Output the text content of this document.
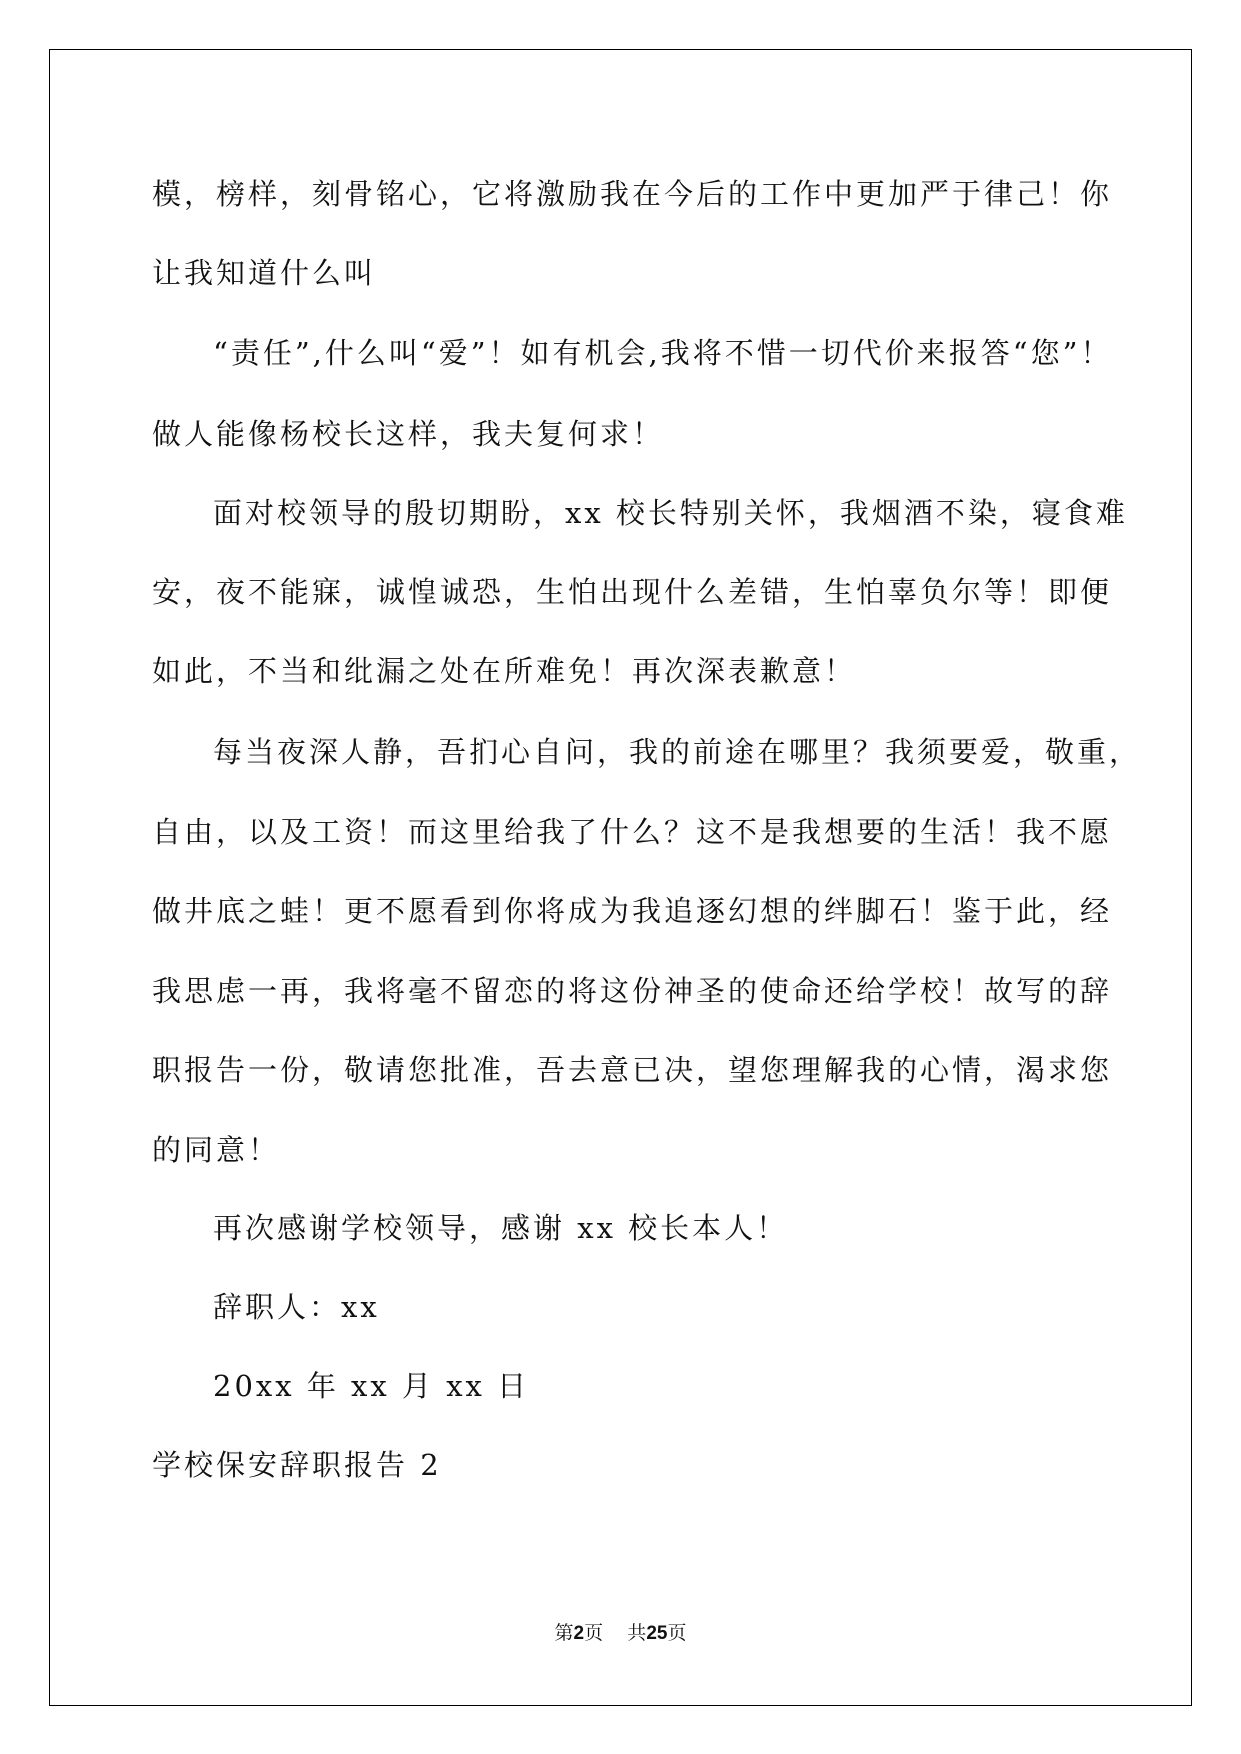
模，榜样，刻骨铭心，它将激励我在今后的工作中更加严于律己！你
让我知道什么叫
“责任”,什么叫“爱”！如有机会,我将不惜一切代价来报答“您”！
做人能像杨校长这样，我夫复何求！
面对校领导的殷切期盼，xx 校长特别关怀，我烟酒不染，寝食难
安，夜不能寐，诚惶诚恐，生怕出现什么差错，生怕辜负尔等！即便
如此，不当和纰漏之处在所难免！再次深表歉意！
每当夜深人静，吾扪心自问，我的前途在哪里？我须要爱，敬重，
自由，以及工资！而这里给我了什么？这不是我想要的生活！我不愿
做井底之蛙！更不愿看到你将成为我追逐幻想的绊脚石！鉴于此，经
我思虑一再，我将毫不留恋的将这份神圣的使命还给学校！故写的辞
职报告一份，敬请您批准，吾去意已决，望您理解我的心情，渴求您
的同意！
再次感谢学校领导，感谢 xx 校长本人！
辞职人：xx
20xx 年 xx 月 xx 日
学校保安辞职报告 2
第2页 共25页
